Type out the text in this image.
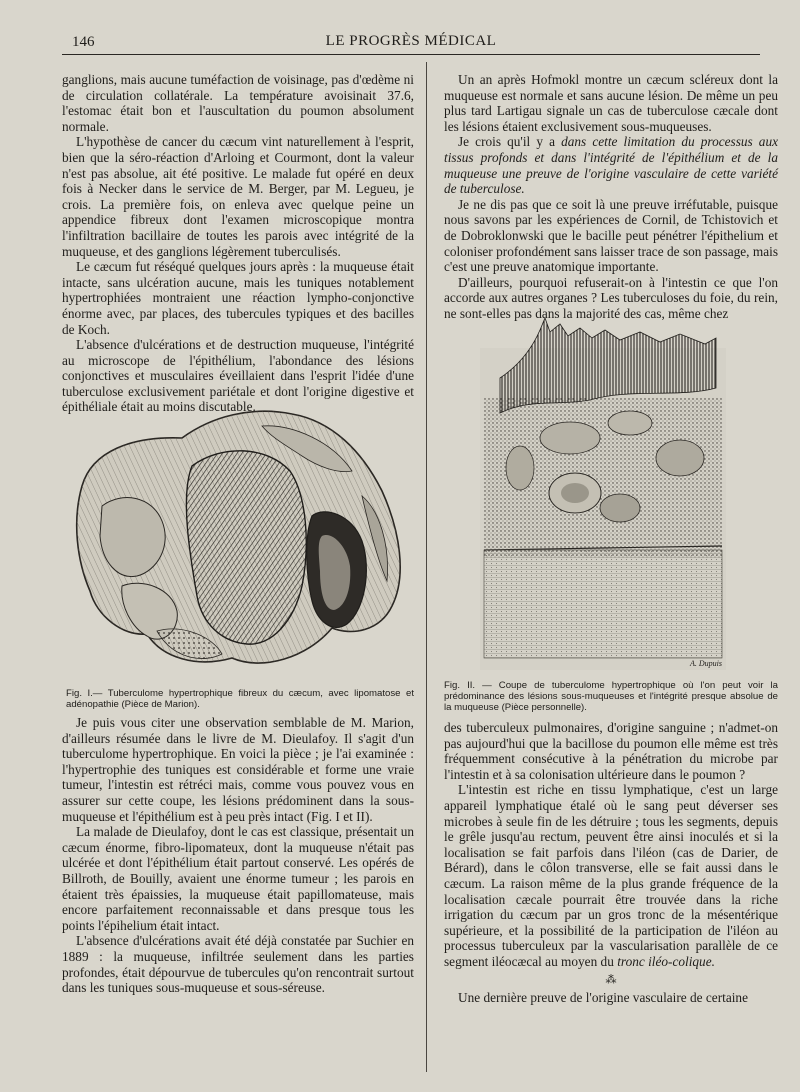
146	LE PROGRÈS MÉDICAL

ganglions, mais aucune tuméfaction de voisinage, pas d'œdème ni de circulation collatérale. La température avoisinait 37.6, l'estomac était bon et l'auscultation du poumon absolument normale.

L'hypothèse de cancer du cæcum vint naturellement à l'esprit, bien que la séro-réaction d'Arloing et Courmont, dont la valeur n'est pas absolue, ait été positive. Le malade fut opéré en deux fois à Necker dans le service de M. Berger, par M. Legueu, je crois. La première fois, on enleva avec quelque peine un appendice fibreux dont l'examen microscopique montra l'infiltration bacillaire de toutes les parois avec intégrité de la muqueuse, et des ganglions légèrement tuberculisés.

Le cæcum fut réséqué quelques jours après : la muqueuse était intacte, sans ulcération aucune, mais les tuniques notablement hypertrophiées montraient une réaction lympho-conjonctive énorme avec, par places, des tubercules typiques et des bacilles de Koch.

L'absence d'ulcérations et de destruction muqueuse, l'intégrité au microscope de l'épithélium, l'abondance des lésions conjonctives et musculaires éveillaient dans l'esprit l'idée d'une tuberculose exclusivement pariétale et dont l'origine digestive et épithéliale était au moins discutable.

Fig. I.— Tuberculome hypertrophique fibreux du cæcum, avec lipomatose et adénopathie (Pièce de Marion).

Je puis vous citer une observation semblable de M. Marion, d'ailleurs résumée dans le livre de M. Dieulafoy. Il s'agit d'un tuberculome hypertrophique. En voici la pièce ; je l'ai examinée : l'hypertrophie des tuniques est considérable et forme une vraie tumeur, l'intestin est rétréci mais, comme vous pouvez vous en assurer sur cette coupe, les lésions prédominent dans la sous-muqueuse et l'épithélium est à peu près intact (Fig. I et II).

La malade de Dieulafoy, dont le cas est classique, présentait un cæcum énorme, fibro-lipomateux, dont la muqueuse n'était pas ulcérée et dont l'épithélium était partout conservé. Les opérés de Billroth, de Bouilly, avaient une énorme tumeur ; les parois en étaient très épaissies, la muqueuse était papillomateuse, mais encore parfaitement reconnaissable et dans presque tous les points l'épihelium était intact.

L'absence d'ulcérations avait été déjà constatée par Suchier en 1889 : la muqueuse, infiltrée seulement dans les parties profondes, était dépourvue de tubercules qu'on rencontrait surtout dans les tuniques sous-muqueuse et sous-séreuse.

Un an après Hofmokl montre un cæcum scléreux dont la muqueuse est normale et sans aucune lésion. De même un peu plus tard Lartigau signale un cas de tuberculose cæcale dont les lésions étaient exclusivement sous-muqueuses.

Je crois qu'il y a dans cette limitation du processus aux tissus profonds et dans l'intégrité de l'épithélium et de la muqueuse une preuve de l'origine vasculaire de cette variété de tuberculose.

Je ne dis pas que ce soit là une preuve irréfutable, puisque nous savons par les expériences de Cornil, de Tchistovich et de Dobroklonwski que le bacille peut pénétrer l'épithelium et coloniser profondément sans laisser trace de son passage, mais c'est une preuve anatomique importante.

D'ailleurs, pourquoi refuserait-on à l'intestin ce que l'on accorde aux autres organes ? Les tuberculoses du foie, du rein, ne sont-elles pas dans la majorité des cas, même chez

A. Dupuis
Fig. II. — Coupe de tuberculome hypertrophique où l'on peut voir la prédominance des lésions sous-muqueuses et l'intégrité presque absolue de la muqueuse (Pièce personnelle).

des tuberculeux pulmonaires, d'origine sanguine ; n'admet-on pas aujourd'hui que la bacillose du poumon elle même est très fréquemment consécutive à la pénétration du microbe par l'intestin et à sa colonisation ultérieure dans le poumon ?

L'intestin est riche en tissu lymphatique, c'est un large appareil lymphatique étalé où le sang peut déverser ses microbes à seule fin de les détruire ; tous les segments, depuis le grêle jusqu'au rectum, peuvent être ainsi inoculés et si la localisation se fait parfois dans l'iléon (cas de Darier, de Bérard), dans le côlon transverse, elle se fait aussi dans le cæcum. La raison même de la plus grande fréquence de la localisation cæcale pourrait être trouvée dans la riche irrigation du cæcum par un gros tronc de la mésentérique supérieure, et la possibilité de la participation de l'iléon au processus tuberculeux par la vascularisation parallèle de ce segment iléocæcal au moyen du tronc iléo-colique.

⁂

Une dernière preuve de l'origine vasculaire de certaine
